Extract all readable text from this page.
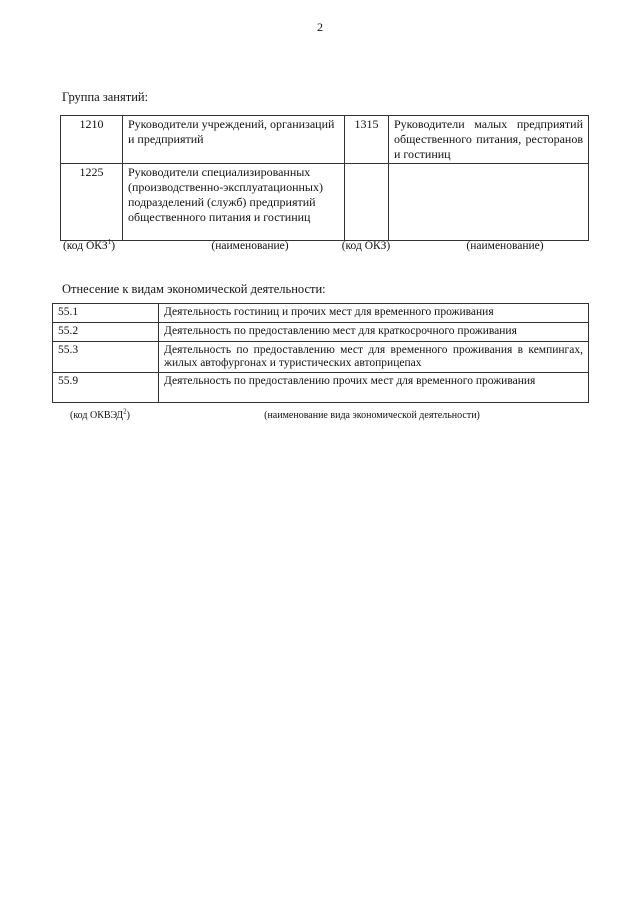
2
Группа занятий:
1210	Руководители учреждений, организаций и предприятий	1315	Руководители малых предприятий общественного питания, ресторанов и гостиниц
1225	Руководители специализированных (производственно-эксплуатационных) подразделений (служб) предприятий общественного питания и гостиниц		
(код ОКЗ$^1$)	(наименование)	(код ОКЗ)	(наименование)
Отнесение к видам экономической деятельности:
55.1	Деятельность гостиниц и прочих мест для временного проживания
55.2	Деятельность по предоставлению мест для краткосрочного проживания
55.3	Деятельность по предоставлению мест для временного проживания в кемпингах, жилых автофургонах и туристических автоприцепах
55.9	Деятельность по предоставлению прочих мест для временного проживания
(код ОКВЭД$^2$)	(наименование вида экономической деятельности)
